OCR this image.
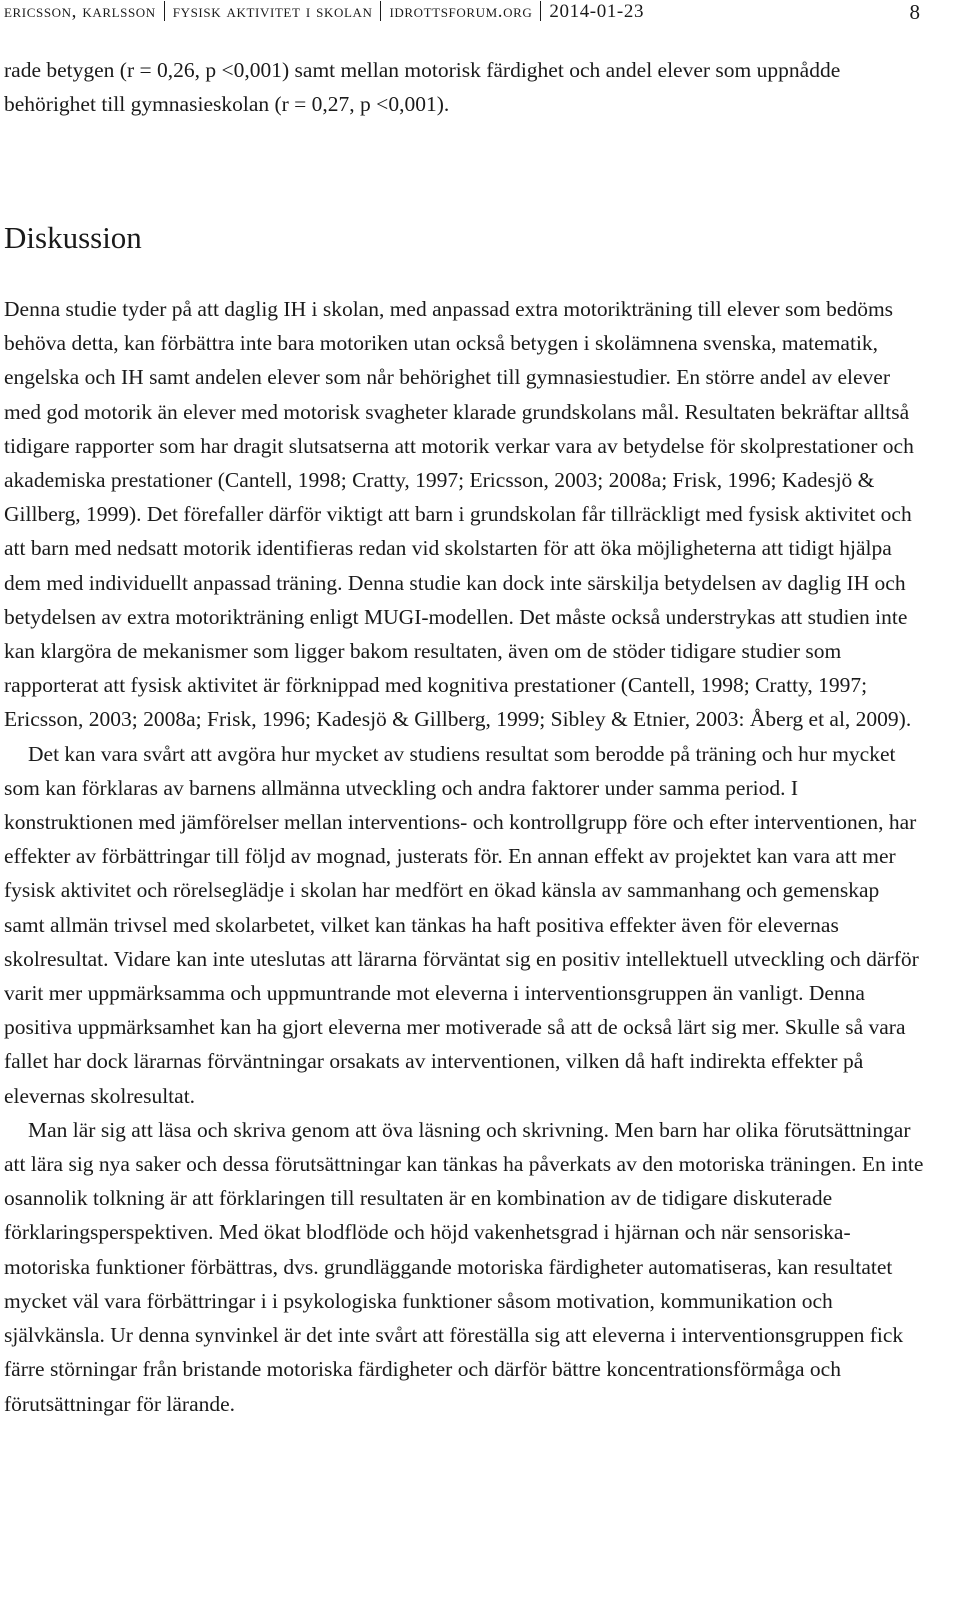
ericsson, karlsson fysisk aktivitet i skolan idrottsforum.org 2014-01-23	8

rade betygen (r = 0,26, p <0,001) samt mellan motorisk färdighet och andel elever som uppnådde behörighet till gymnasieskolan (r = 0,27, p <0,001).

Diskussion

Denna studie tyder på att daglig IH i skolan, med anpassad extra motorikträning till elever som bedöms behöva detta, kan förbättra inte bara motoriken utan också betygen i skolämnena svenska, matematik, engelska och IH samt andelen elever som når behörighet till gymnasiestudier. En större andel av elever med god motorik än elever med motorisk svagheter klarade grundskolans mål. Resultaten bekräftar alltså tidigare rapporter som har dragit slutsatserna att motorik verkar vara av betydelse för skolprestationer och akademiska prestationer (Cantell, 1998; Cratty, 1997; Ericsson, 2003; 2008a; Frisk, 1996; Kadesjö & Gillberg, 1999). Det förefaller därför viktigt att barn i grundskolan får tillräckligt med fysisk aktivitet och att barn med nedsatt motorik identifieras redan vid skolstarten för att öka möjligheterna att tidigt hjälpa dem med individuellt anpassad träning. Denna studie kan dock inte särskilja betydelsen av daglig IH och betydelsen av extra motorikträning enligt MUGI-modellen. Det måste också understrykas att studien inte kan klargöra de mekanismer som ligger bakom resultaten, även om de stöder tidigare studier som rapporterat att fysisk aktivitet är förknippad med kognitiva prestationer (Cantell, 1998; Cratty, 1997; Ericsson, 2003; 2008a; Frisk, 1996; Kadesjö & Gillberg, 1999; Sibley & Etnier, 2003: Åberg et al, 2009).

Det kan vara svårt att avgöra hur mycket av studiens resultat som berodde på träning och hur mycket som kan förklaras av barnens allmänna utveckling och andra faktorer under samma period. I konstruktionen med jämförelser mellan interventions- och kontrollgrupp före och efter interventionen, har effekter av förbättringar till följd av mognad, justerats för. En annan effekt av projektet kan vara att mer fysisk aktivitet och rörelseglädje i skolan har medfört en ökad känsla av sammanhang och gemenskap samt allmän trivsel med skolarbetet, vilket kan tänkas ha haft positiva effekter även för elevernas skolresultat. Vidare kan inte uteslutas att lärarna förväntat sig en positiv intellektuell utveckling och därför varit mer uppmärksamma och uppmuntrande mot eleverna i interventionsgruppen än vanligt. Denna positiva uppmärksamhet kan ha gjort eleverna mer motiverade så att de också lärt sig mer. Skulle så vara fallet har dock lärarnas förväntningar orsakats av interventionen, vilken då haft indirekta effekter på elevernas skolresultat.

Man lär sig att läsa och skriva genom att öva läsning och skrivning. Men barn har olika förutsättningar att lära sig nya saker och dessa förutsättningar kan tänkas ha påverkats av den motoriska träningen. En inte osannolik tolkning är att förklaringen till resultaten är en kombination av de tidigare diskuterade förklaringsperspektiven. Med ökat blodflöde och höjd vakenhetsgrad i hjärnan och när sensoriska-motoriska funktioner förbättras, dvs. grundläggande motoriska färdigheter automatiseras, kan resultatet mycket väl vara förbättringar i i psykologiska funktioner såsom motivation, kommunikation och självkänsla. Ur denna synvinkel är det inte svårt att föreställa sig att eleverna i interventionsgruppen fick färre störningar från bristande motoriska färdigheter och därför bättre koncentrationsförmåga och förutsättningar för lärande.
